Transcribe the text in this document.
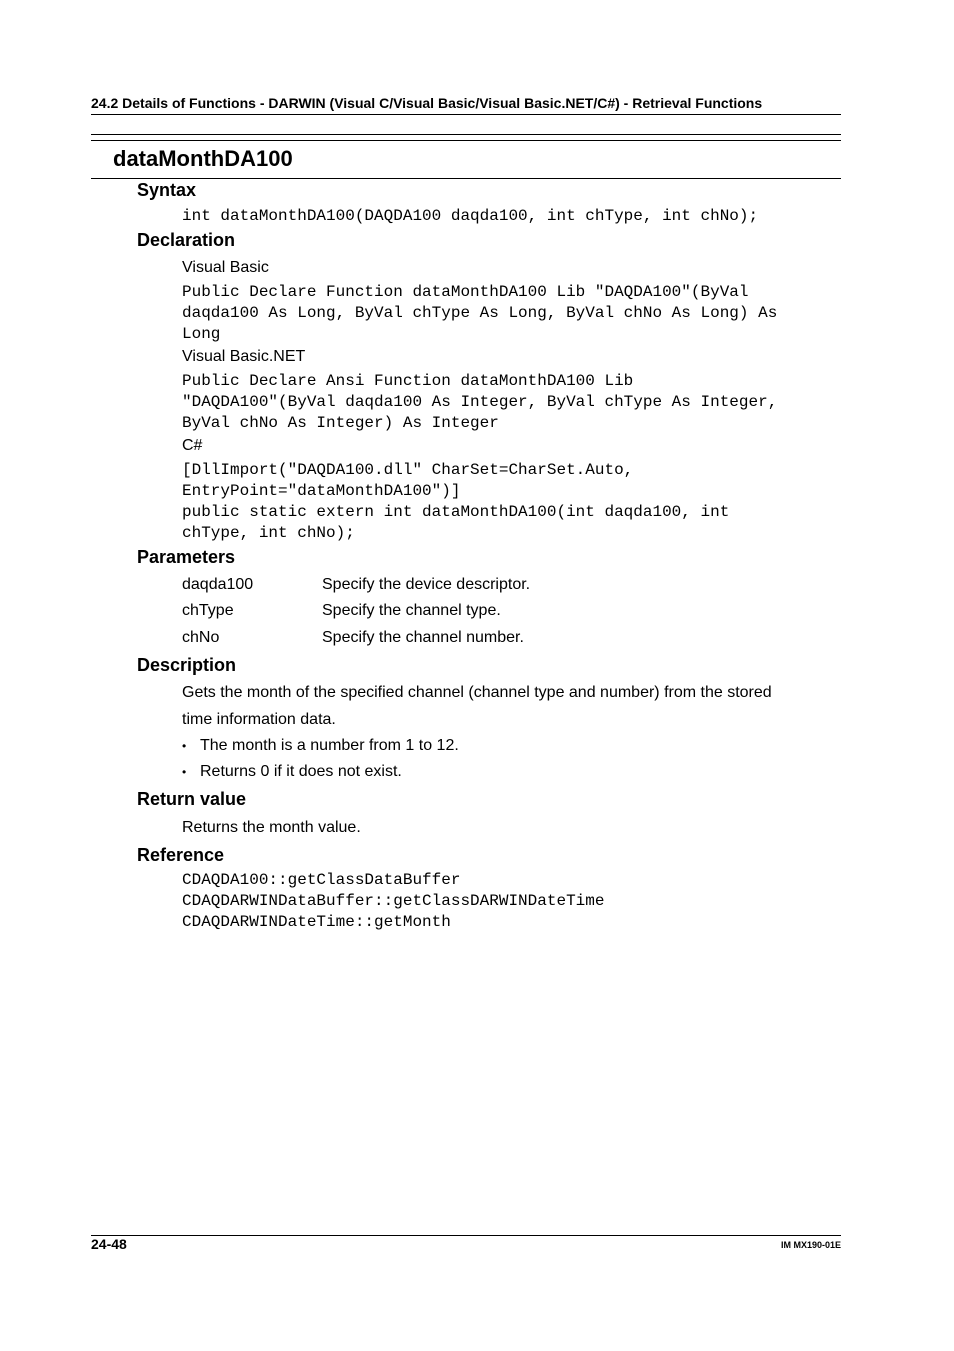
24.2 Details of Functions - DARWIN (Visual C/Visual Basic/Visual Basic.NET/C#) - Retrieval Functions
dataMonthDA100
Syntax
int dataMonthDA100(DAQDA100 daqda100, int chType, int chNo);
Declaration
Visual Basic
Public Declare Function dataMonthDA100 Lib "DAQDA100"(ByVal
daqda100 As Long, ByVal chType As Long, ByVal chNo As Long) As
Long
Visual Basic.NET
Public Declare Ansi Function dataMonthDA100 Lib
"DAQDA100"(ByVal daqda100 As Integer, ByVal chType As Integer,
ByVal chNo As Integer) As Integer
C#
[DllImport("DAQDA100.dll" CharSet=CharSet.Auto,
EntryPoint="dataMonthDA100")]
public static extern int dataMonthDA100(int daqda100, int
chType, int chNo);
Parameters
daqda100	Specify the device descriptor.
chType	Specify the channel type.
chNo	Specify the channel number.
Description
Gets the month of the specified channel (channel type and number) from the stored
time information data.
• The month is a number from 1 to 12.
• Returns 0 if it does not exist.
Return value
Returns the month value.
Reference
CDAQDA100::getClassDataBuffer
CDAQDARWINDataBuffer::getClassDARWINDateTime
CDAQDARWINDateTime::getMonth
24-48	IM MX190-01E
